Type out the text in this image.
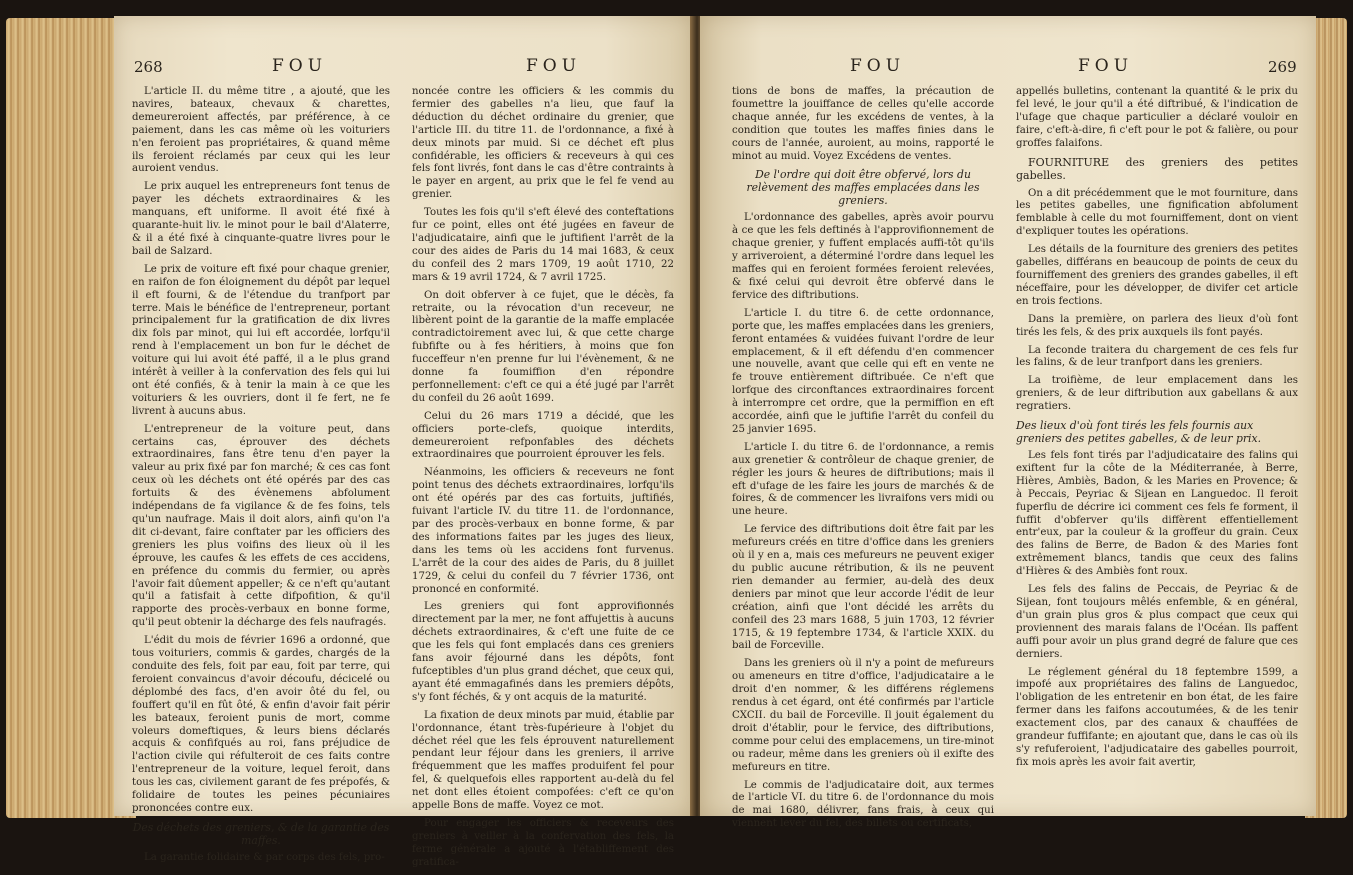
268	FOU	FOU

L'article II. du même titre , a ajouté, que les navires, bateaux, chevaux & charettes, demeureroient affectés, par préférence, à ce paiement, dans les cas même où les voituriers n'en feroient pas propriétaires, & quand même ils feroient réclamés par ceux qui les leur auroient vendus.

Le prix auquel les entrepreneurs font tenus de payer les déchets extraordinaires & les manquans, eft uniforme. Il avoit été fixé à quarante-huit liv. le minot pour le bail d'Alaterre, & il a été fixé à cinquante-quatre livres pour le bail de Salzard.

Le prix de voiture eft fixé pour chaque grenier, en raifon de fon éloignement du dépôt par lequel il eft fourni, & de l'étendue du tranfport par terre. Mais le bénéfice de l'entrepreneur, portant principalement fur la gratification de dix livres dix fols par minot, qui lui eft accordée, lorfqu'il rend à l'emplacement un bon fur le déchet de voiture qui lui avoit été paffé, il a le plus grand intérêt à veiller à la confervation des fels qui lui ont été confiés, & à tenir la main à ce que les voituriers & les ouvriers, dont il fe fert, ne fe livrent à aucuns abus.

L'entrepreneur de la voiture peut, dans certains cas, éprouver des déchets extraordinaires, fans être tenu d'en payer la valeur au prix fixé par fon marché; & ces cas font ceux où les déchets ont été opérés par des cas fortuits & des évènemens abfolument indépendans de fa vigilance & de fes foins, tels qu'un naufrage. Mais il doit alors, ainfi qu'on l'a dit ci-devant, faire conftater par les officiers des greniers les plus voifins des lieux où il les éprouve, les caufes & les effets de ces accidens, en préfence du commis du fermier, ou après l'avoir fait dûement appeller; & ce n'eft qu'autant qu'il a fatisfait à cette difpofition, & qu'il rapporte des procès-verbaux en bonne forme, qu'il peut obtenir la décharge des fels naufragés.

L'édit du mois de février 1696 a ordonné, que tous voituriers, commis & gardes, chargés de la conduite des fels, foit par eau, foit par terre, qui feroient convaincus d'avoir découfu, décicelé ou déplombé des facs, d'en avoir ôté du fel, ou fouffert qu'il en fût ôté, & enfin d'avoir fait périr les bateaux, feroient punis de mort, comme voleurs domeftiques, & leurs biens déclarés acquis & confifqués au roi, fans préjudice de l'action civile qui réfulteroit de ces faits contre l'entrepreneur de la voiture, lequel feroit, dans tous les cas, civilement garant de fes prépofés, & folidaire de toutes les peines pécuniaires prononcées contre eux.

Des déchets des greniers, & de la garantie des maffes.

La garantie folidaire & par corps des fels, pro-

noncée contre les officiers & les commis du fermier des gabelles n'a lieu, que fauf la déduction du déchet ordinaire du grenier, que l'article III. du titre 11. de l'ordonnance, a fixé à deux minots par muid. Si ce déchet eft plus confidérable, les officiers & receveurs à qui ces fels font livrés, font dans le cas d'être contraints à le payer en argent, au prix que le fel fe vend au grenier.

Toutes les fois qu'il s'eft élevé des conteftations fur ce point, elles ont été jugées en faveur de l'adjudicataire, ainfi que le juftifient l'arrêt de la cour des aides de Paris du 14 mai 1683, & ceux du confeil des 2 mars 1709, 19 août 1710, 22 mars & 19 avril 1724, & 7 avril 1725.

On doit obferver à ce fujet, que le décès, fa retraite, ou la révocation d'un receveur, ne libèrent point de la garantie de la maffe emplacée contradictoirement avec lui, & que cette charge fubfifte ou à fes héritiers, à moins que fon fucceffeur n'en prenne fur lui l'évènement, & ne donne fa foumiffion d'en répondre perfonnellement: c'eft ce qui a été jugé par l'arrêt du confeil du 26 août 1699.

Celui du 26 mars 1719 a décidé, que les officiers porte-clefs, quoique interdits, demeureroient refponfables des déchets extraordinaires que pourroient éprouver les fels.

Néanmoins, les officiers & receveurs ne font point tenus des déchets extraordinaires, lorfqu'ils ont été opérés par des cas fortuits, juftifiés, fuivant l'article IV. du titre 11. de l'ordonnance, par des procès-verbaux en bonne forme, & par des informations faites par les juges des lieux, dans les tems où les accidens font furvenus. L'arrêt de la cour des aides de Paris, du 8 juillet 1729, & celui du confeil du 7 février 1736, ont prononcé en conformité.

Les greniers qui font approvifionnés directement par la mer, ne font affujettis à aucuns déchets extraordinaires, & c'eft une fuite de ce que les fels qui font emplacés dans ces greniers fans avoir féjourné dans les dépôts, font fufceptibles d'un plus grand déchet, que ceux qui, ayant été emmagafinés dans les premiers dépôts, s'y font féchés, & y ont acquis de la maturité.

La fixation de deux minots par muid, établie par l'ordonnance, étant très-fupérieure à l'objet du déchet réel que les fels éprouvent naturellement pendant leur féjour dans les greniers, il arrive fréquemment que les maffes produifent fel pour fel, & quelquefois elles rapportent au-delà du fel net dont elles étoient compofées: c'eft ce qu'on appelle Bons de maffe. Voyez ce mot.

Pour engager les officiers & receveurs des greniers à veiller à la confervation des fels, la ferme générale a ajouté à l'établiffement des gratifica-

FOU	FOU	269

tions de bons de maffes, la précaution de foumettre la jouiffance de celles qu'elle accorde chaque année, fur les excédens de ventes, à la condition que toutes les maffes finies dans le cours de l'année, auroient, au moins, rapporté le minot au muid. Voyez Excédens de ventes.

De l'ordre qui doit être obfervé, lors du relèvement des maffes emplacées dans les greniers.

L'ordonnance des gabelles, après avoir pourvu à ce que les fels deftinés à l'approvifionnement de chaque grenier, y fuffent emplacés auffi-tôt qu'ils y arriveroient, a déterminé l'ordre dans lequel les maffes qui en feroient formées feroient relevées, & fixé celui qui devroit être obfervé dans le fervice des diftributions.

L'article I. du titre 6. de cette ordonnance, porte que, les maffes emplacées dans les greniers, feront entamées & vuidées fuivant l'ordre de leur emplacement, & il eft défendu d'en commencer une nouvelle, avant que celle qui eft en vente ne fe trouve entièrement diftribuée. Ce n'eft que lorfque des circonftances extraordinaires forcent à interrompre cet ordre, que la permiffion en eft accordée, ainfi que le juftifie l'arrêt du confeil du 25 janvier 1695.

L'article I. du titre 6. de l'ordonnance, a remis aux grenetier & contrôleur de chaque grenier, de régler les jours & heures de diftributions; mais il eft d'ufage de les faire les jours de marchés & de foires, & de commencer les livraifons vers midi ou une heure.

Le fervice des diftributions doit être fait par les mefureurs créés en titre d'office dans les greniers où il y en a, mais ces mefureurs ne peuvent exiger du public aucune rétribution, & ils ne peuvent rien demander au fermier, au-delà des deux deniers par minot que leur accorde l'édit de leur création, ainfi que l'ont décidé les arrêts du confeil des 23 mars 1688, 5 juin 1703, 12 février 1715, & 19 feptembre 1734, & l'article XXIX. du bail de Forceville.

Dans les greniers où il n'y a point de mefureurs ou ameneurs en titre d'office, l'adjudicataire a le droit d'en nommer, & les différens réglemens rendus à cet égard, ont été confirmés par l'article CXCII. du bail de Forceville. Il jouit également du droit d'établir, pour le fervice, des diftributions, comme pour celui des emplacemens, un tire-minot ou radeur, même dans les greniers où il exifte des mefureurs en titre.

Le commis de l'adjudicataire doit, aux termes de l'article VI. du titre 6. de l'ordonnance du mois de mai 1680, délivrer, fans frais, à ceux qui viennent lever du fel, des billets ou certificats,

appellés bulletins, contenant la quantité & le prix du fel levé, le jour qu'il a été diftribué, & l'indication de l'ufage que chaque particulier a déclaré vouloir en faire, c'eft-à-dire, fi c'eft pour le pot & falière, ou pour groffes falaifons.

FOURNITURE des greniers des petites gabelles.

On a dit précédemment que le mot fourniture, dans les petites gabelles, une fignification abfolument femblable à celle du mot fourniffement, dont on vient d'expliquer toutes les opérations.

Les détails de la fourniture des greniers des petites gabelles, différans en beaucoup de points de ceux du fourniffement des greniers des grandes gabelles, il eft néceffaire, pour les développer, de divifer cet article en trois fections.

Dans la première, on parlera des lieux d'où font tirés les fels, & des prix auxquels ils font payés.

La feconde traitera du chargement de ces fels fur les falins, & de leur tranfport dans les greniers.

La troifième, de leur emplacement dans les greniers, & de leur diftribution aux gabellans & aux regratiers.

Des lieux d'où font tirés les fels fournis aux greniers des petites gabelles, & de leur prix.

Les fels font tirés par l'adjudicataire des falins qui exiftent fur la côte de la Méditerranée, à Berre, Hières, Ambiès, Badon, & les Maries en Provence; & à Peccais, Peyriac & Sijean en Languedoc. Il feroit fuperflu de décrire ici comment ces fels fe forment, il fuffit d'obferver qu'ils diffèrent effentiellement entr'eux, par la couleur & la groffeur du grain. Ceux des falins de Berre, de Badon & des Maries font extrêmement blancs, tandis que ceux des falins d'Hières & des Ambiès font roux.

Les fels des falins de Peccais, de Peyriac & de Sijean, font toujours mêlés enfemble, & en général, d'un grain plus gros & plus compact que ceux qui proviennent des marais falans de l'Océan. Ils paffent auffi pour avoir un plus grand degré de falure que ces derniers.

Le réglement général du 18 feptembre 1599, a impofé aux propriétaires des falins de Languedoc, l'obligation de les entretenir en bon état, de les faire fermer dans les faifons accoutumées, & de les tenir exactement clos, par des canaux & chauffées de grandeur fuffifante; en ajoutant que, dans le cas où ils s'y refuferoient, l'adjudicataire des gabelles pourroit, fix mois après les avoir fait avertir,
